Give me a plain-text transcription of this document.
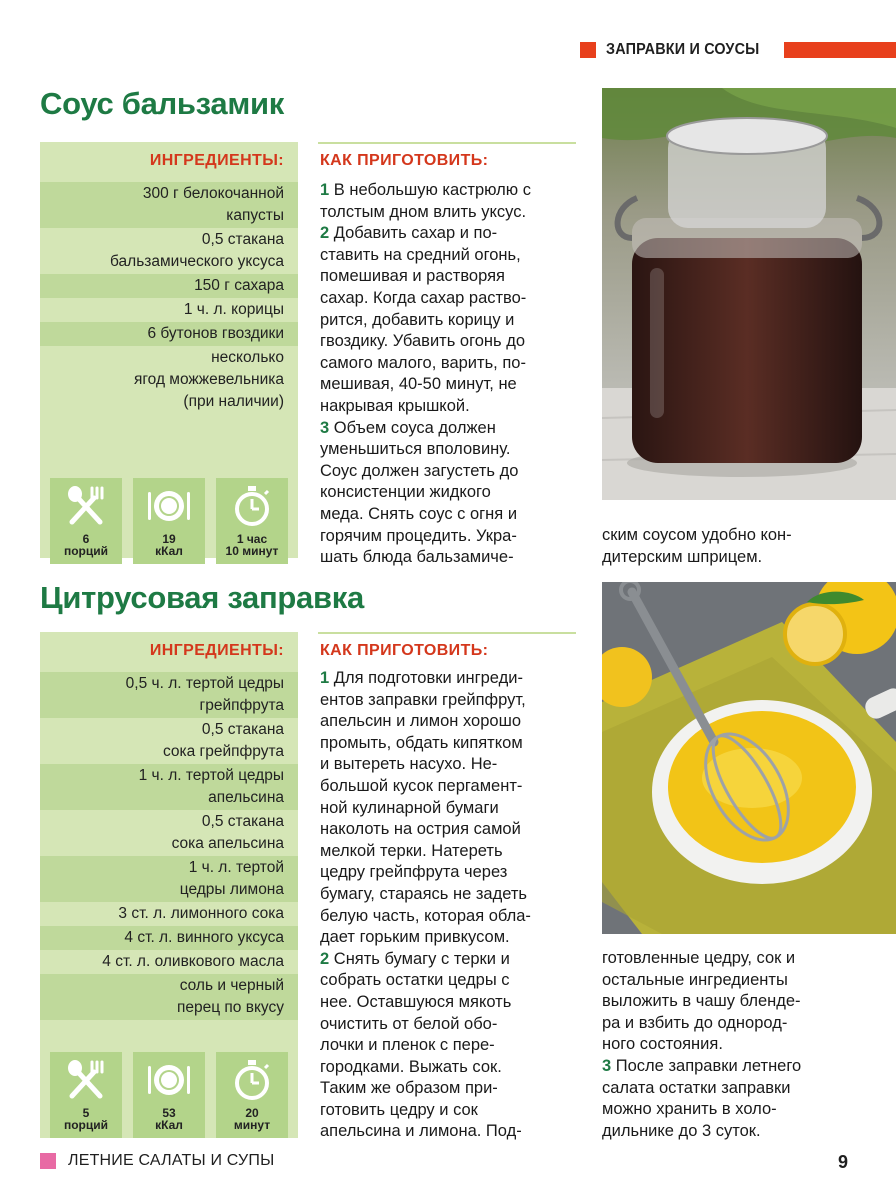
ЗАПРАВКИ И СОУСЫ
Соус бальзамик
ИНГРЕДИЕНТЫ:
300 г белокочанной
капусты
0,5 стакана
бальзамического уксуса
150 г сахара
1 ч. л. корицы
6 бутонов гвоздики
несколько
ягод можжевельника
(при наличии)
6
порций
19
кКал
1 час
10 минут
КАК ПРИГОТОВИТЬ:
1 В небольшую кастрюлю с
толстым дном влить уксус.
2 Добавить сахар и по-
ставить на средний огонь,
помешивая и растворяя
сахар. Когда сахар раство-
рится, добавить корицу и
гвоздику. Убавить огонь до
самого малого, варить, по-
мешивая, 40-50 минут, не
накрывая крышкой.
3 Объем соуса должен
уменьшиться вполовину.
Соус должен загустеть до
консистенции жидкого
меда. Снять соус с огня и
горячим процедить. Укра-
шать блюда бальзамиче-
ским соусом удобно кон-
дитерским шприцем.
Цитрусовая заправка
ИНГРЕДИЕНТЫ:
0,5 ч. л. тертой цедры
грейпфрута
0,5 стакана
сока грейпфрута
1 ч. л. тертой цедры
апельсина
0,5 стакана
сока апельсина
1 ч. л. тертой
цедры лимона
3 ст. л. лимонного сока
4 ст. л. винного уксуса
4 ст. л. оливкового масла
соль и черный
перец по вкусу
5
порций
53
кКал
20
минут
КАК ПРИГОТОВИТЬ:
1 Для подготовки ингреди-
ентов заправки грейпфрут,
апельсин и лимон хорошо
промыть, обдать кипятком
и вытереть насухо. Не-
большой кусок пергамент-
ной кулинарной бумаги
наколоть на острия самой
мелкой терки. Натереть
цедру грейпфрута через
бумагу, стараясь не задеть
белую часть, которая обла-
дает горьким привкусом.
2 Снять бумагу с терки и
собрать остатки цедры с
нее. Оставшуюся мякоть
очистить от белой обо-
лочки и пленок с пере-
городками. Выжать сок.
Таким же образом при-
готовить цедру и сок
апельсина и лимона. Под-
готовленные цедру, сок и
остальные ингредиенты
выложить в чашу бленде-
ра и взбить до однород-
ного состояния.
3 После заправки летнего
салата остатки заправки
можно хранить в холо-
дильнике до 3 суток.
ЛЕТНИЕ САЛАТЫ И СУПЫ	9
